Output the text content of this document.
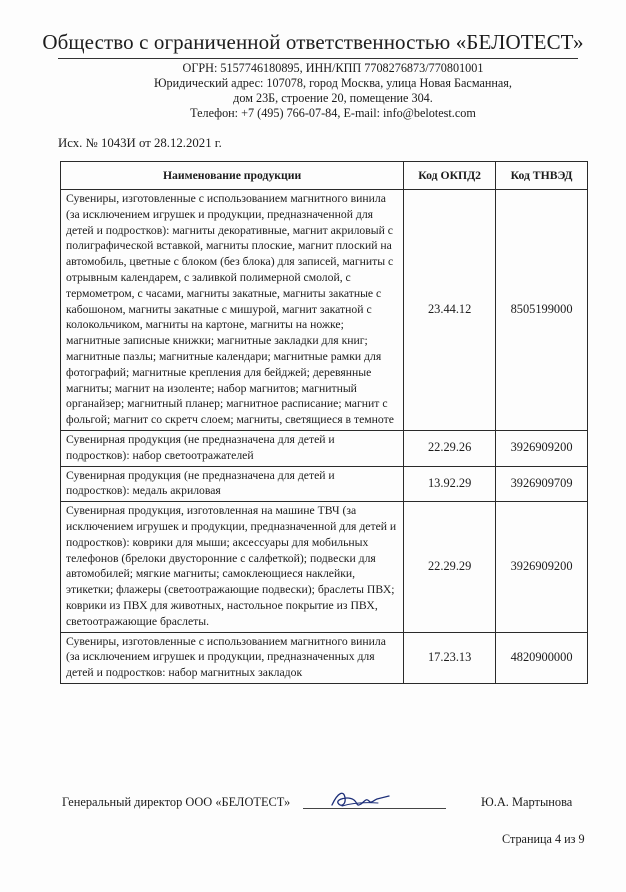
Общество с ограниченной ответственностью «БЕЛОТЕСТ»
ОГРН: 5157746180895, ИНН/КПП 7708276873/770801001
Юридический адрес: 107078, город Москва, улица Новая Басманная,
дом 23Б, строение 20, помещение 304.
Телефон: +7 (495) 766-07-84, E-mail: info@belotest.com
Исх. № 1043И от 28.12.2021 г.
Наименование продукции	Код ОКПД2	Код ТНВЭД
Сувениры, изготовленные с использованием магнитного винила (за исключением игрушек и продукции, предназначенной для детей и подростков): магниты декоративные, магнит акриловый с полиграфической вставкой, магниты плоские, магнит плоский на автомобиль, цветные с блоком (без блока) для записей, магниты с отрывным календарем, с заливкой полимерной смолой, с термометром, с часами, магниты закатные, магниты закатные с кабошоном, магниты закатные с мишурой, магнит закатной с колокольчиком, магниты на картоне, магниты на ножке; магнитные записные книжки; магнитные закладки для книг; магнитные пазлы; магнитные календари; магнитные рамки для фотографий; магнитные крепления для бейджей; деревянные магниты; магнит на изоленте; набор магнитов; магнитный органайзер; магнитный планер; магнитное расписание; магнит с фольгой; магнит со скретч слоем; магниты, светящиеся в темноте	23.44.12	8505199000
Сувенирная продукция (не предназначена для детей и подростков): набор светоотражателей	22.29.26	3926909200
Сувенирная продукция (не предназначена для детей и подростков): медаль акриловая	13.92.29	3926909709
Сувенирная продукция, изготовленная на машине ТВЧ (за исключением игрушек и продукции, предназначенной для детей и подростков): коврики для мыши; аксессуары для мобильных телефонов (брелоки двусторонние с салфеткой); подвески для автомобилей; мягкие магниты; самоклеющиеся наклейки, этикетки; флажеры (светоотражающие подвески); браслеты ПВХ; коврики из ПВХ для животных, настольное покрытие из ПВХ, светоотражающие браслеты.	22.29.29	3926909200
Сувениры, изготовленные с использованием магнитного винила (за исключением игрушек и продукции, предназначенных для детей и подростков: набор магнитных закладок	17.23.13	4820900000
Генеральный директор ООО «БЕЛОТЕСТ»	Ю.А. Мартынова
Страница 4 из 9
